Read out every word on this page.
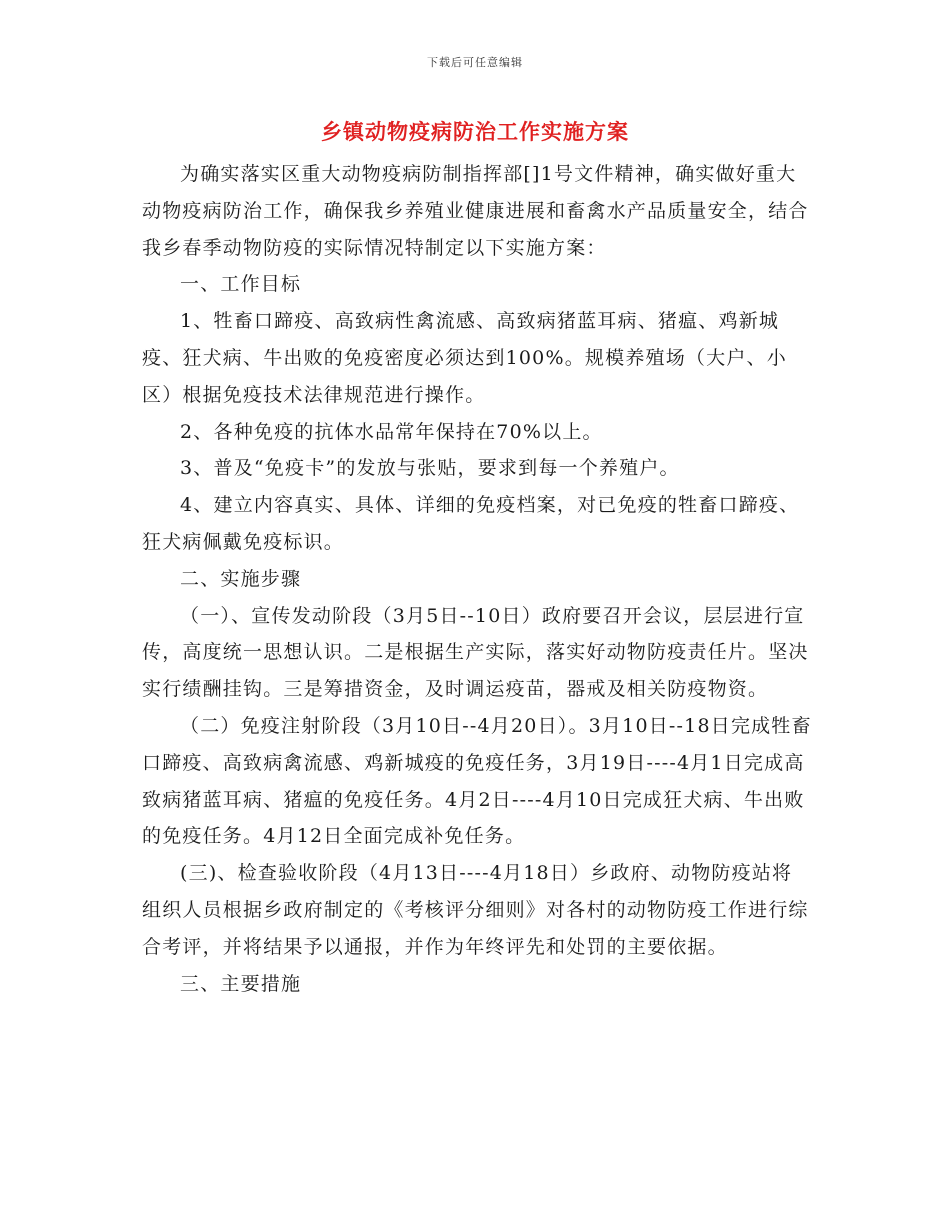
下载后可任意编辑
乡镇动物疫病防治工作实施方案

为确实落实区重大动物疫病防制指挥部[]1号文件精神，确实做好重大动物疫病防治工作，确保我乡养殖业健康进展和畜禽水产品质量安全，结合我乡春季动物防疫的实际情况特制定以下实施方案：

一、工作目标

1、牲畜口蹄疫、高致病性禽流感、高致病猪蓝耳病、猪瘟、鸡新城疫、狂犬病、牛出败的免疫密度必须达到100%。规模养殖场（大户、小区）根据免疫技术法律规范进行操作。

2、各种免疫的抗体水品常年保持在70%以上。

3、普及“免疫卡”的发放与张贴，要求到每一个养殖户。

4、建立内容真实、具体、详细的免疫档案，对已免疫的牲畜口蹄疫、狂犬病佩戴免疫标识。

二、实施步骤

（一）、宣传发动阶段（3月5日--10日）政府要召开会议，层层进行宣传，高度统一思想认识。二是根据生产实际，落实好动物防疫责任片。坚决实行绩酬挂钩。三是筹措资金，及时调运疫苗，器戒及相关防疫物资。

（二）免疫注射阶段（3月10日--4月20日）。3月10日--18日完成牲畜口蹄疫、高致病禽流感、鸡新城疫的免疫任务，3月19日----4月1日完成高致病猪蓝耳病、猪瘟的免疫任务。4月2日----4月10日完成狂犬病、牛出败的免疫任务。4月12日全面完成补免任务。

(三)、检查验收阶段（4月13日----4月18日）乡政府、动物防疫站将组织人员根据乡政府制定的《考核评分细则》对各村的动物防疫工作进行综合考评，并将结果予以通报，并作为年终评先和处罚的主要依据。

三、主要措施
